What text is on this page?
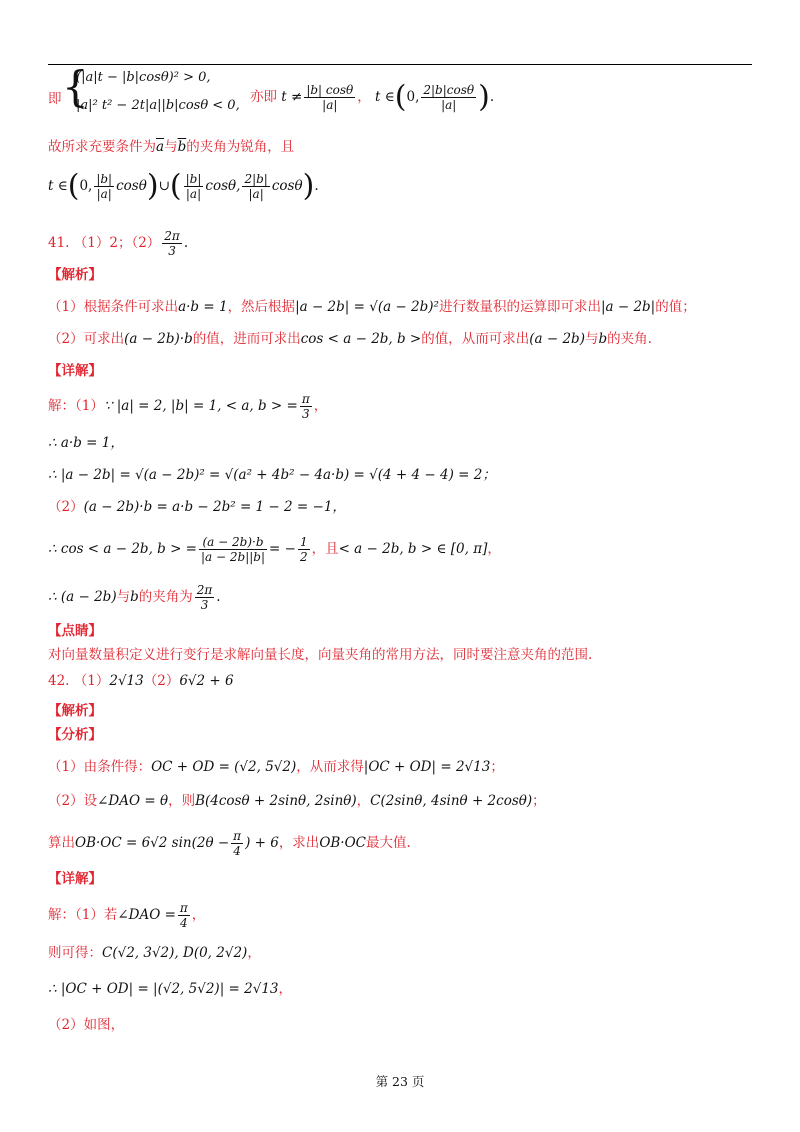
即 {
(|a|t − |b|cosθ)² > 0,
|a|² t² − 2t|a||b|cosθ < 0,
亦即 $t \ne \frac{|b| \cos\theta}{|a|}$ ， t ∈(0, $\frac{2|b|\cos\theta}{|a|}$ ).
故所求充要条件为$\overline{a}$与$\overline{b}$的夹角为锐角，且
t ∈(0, $\frac{|b|}{|a|}$ cosθ)∪( $\frac{|b|}{|a|} \cos\theta$, $\frac{2|b|}{|a|} \cos\theta$).
41. （1）2；$(2) \frac{2\pi}{3}$ .
【解析】
（1）根据条件可求出a·b = 1，然后根据|a − 2b| = √(a − 2b)²进行数量积的运算即可求出|a − 2b|的值；
（2）可求出(a − 2b)·b的值，进而可求出cos < a − 2b, b >的值，从而可求出(a − 2b)与b的夹角.
【详解】
解：（1）∵ |a| = 2, |b| = 1, < a, b > = $\frac{\pi}{3}$ ，
∴ a·b = 1，
∴ |a − 2b| = √(a − 2b)² = √(a² + 4b² − 4a·b) = √(4 + 4 − 4) = 2；
（2）(a − 2b)·b = a·b − 2b² = 1 − 2 = −1，
∴ cos < a − 2b, b > = $\frac{(a - 2b)\cdot b}{|a - 2b||b|}$ = − $\frac{1}{2}$ ，且< a − 2b, b > ∈ [0, π]，
∴ (a − 2b)与b的夹角为 $\frac{2\pi}{3}$ .
【点睛】
对向量数量积定义进行变行是求解向量长度，向量夹角的常用方法，同时要注意夹角的范围.
42. （1）2√13（2）6√2 + 6
【解析】
【分析】
（1）由条件得：OC + OD = (√2, 5√2)，从而求得|OC + OD| = 2√13；
（2）设∠DAO = θ，则B(4cosθ + 2sinθ, 2sinθ)，C(2sinθ, 4sinθ + 2cosθ)；
算出OB·OC = 6√2 $\sin(2\theta - \frac{\pi}{4}$ ) + 6，求出OB·OC最大值.
【详解】
解：（1）若∠DAO = $\frac{\pi}{4}$ ，
则可得：C(√2, 3√2), D(0, 2√2)，
∴ |OC + OD| = |(√2, 5√2)| = 2√13，
（2）如图，
第 23 页
